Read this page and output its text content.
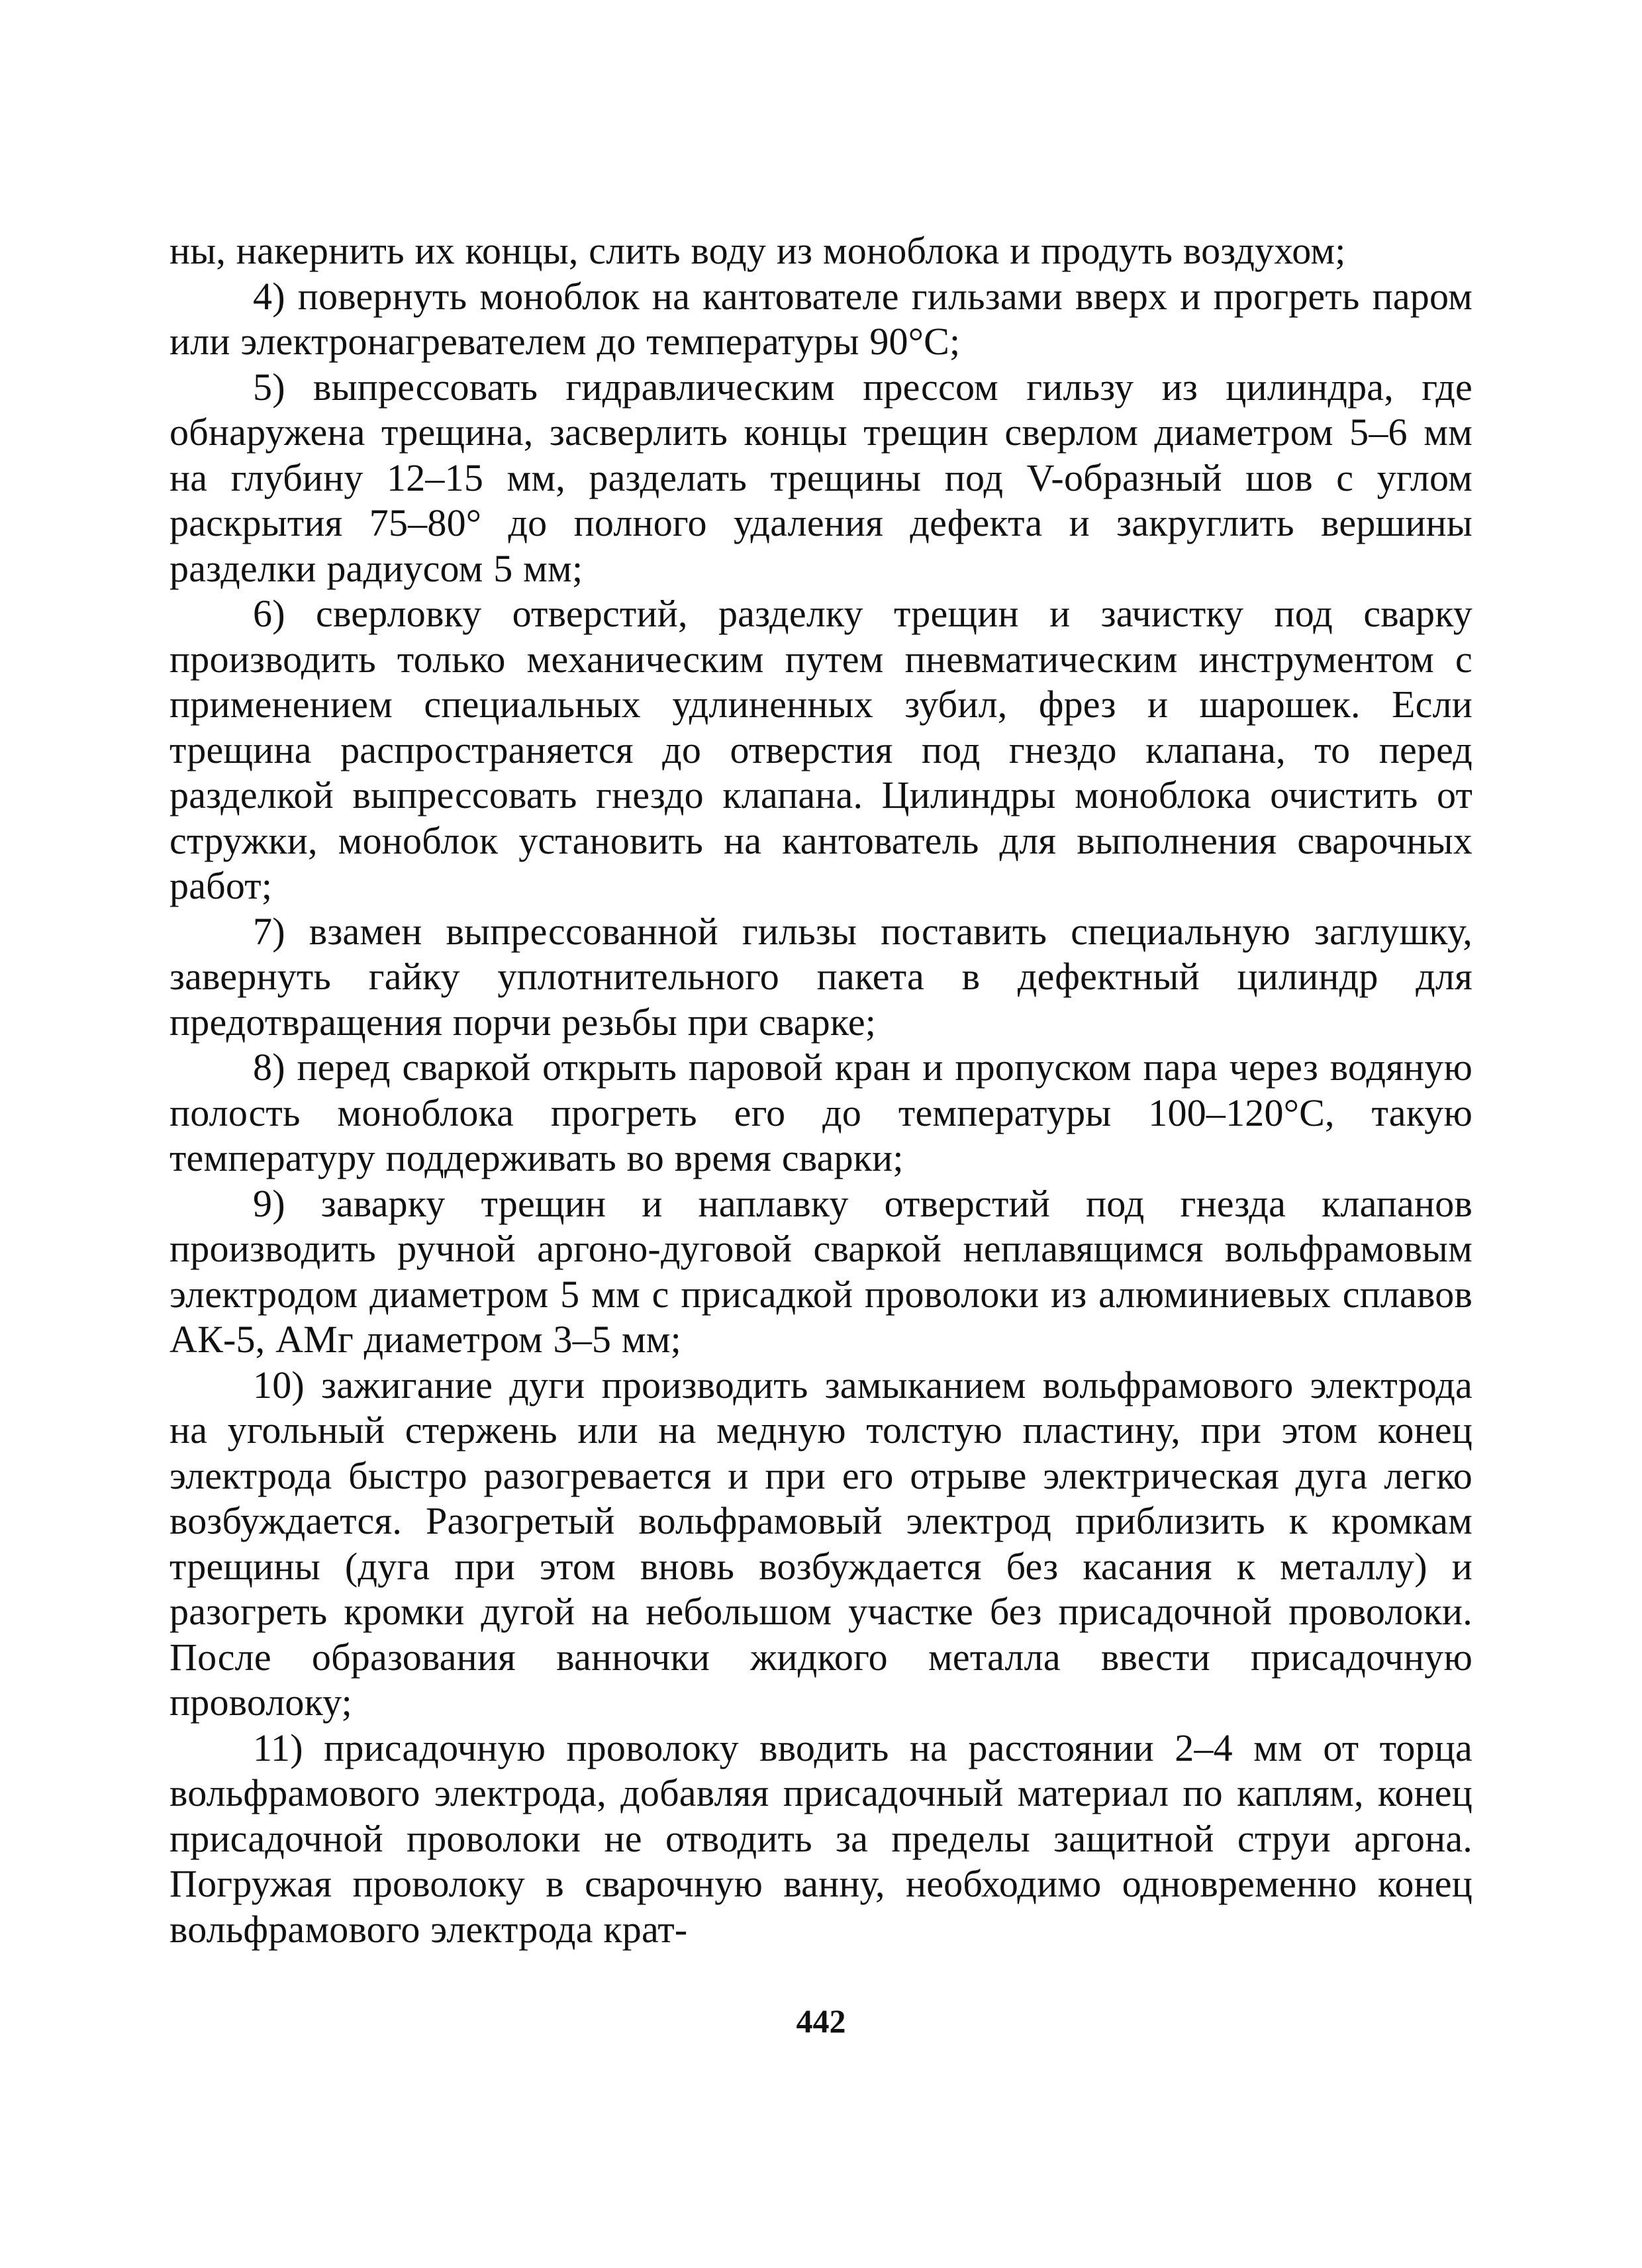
ны, накернить их концы, слить воду из моноблока и продуть воздухом;

4) повернуть моноблок на кантователе гильзами вверх и прогреть паром или электронагревателем до температуры 90°С;

5) выпрессовать гидравлическим прессом гильзу из цилиндра, где обнаружена трещина, засверлить концы трещин сверлом диаметром 5–6 мм на глубину 12–15 мм, разделать трещины под V-образный шов с углом раскрытия 75–80° до полного удаления дефекта и закруглить вершины разделки радиусом 5 мм;

6) сверловку отверстий, разделку трещин и зачистку под сварку производить только механическим путем пневматическим инструментом с применением специальных удлиненных зубил, фрез и шарошек. Если трещина распространяется до отверстия под гнездо клапана, то перед разделкой выпрессовать гнездо клапана. Цилиндры моноблока очистить от стружки, моноблок установить на кантователь для выполнения сварочных работ;

7) взамен выпрессованной гильзы поставить специальную заглушку, завернуть гайку уплотнительного пакета в дефектный цилиндр для предотвращения порчи резьбы при сварке;

8) перед сваркой открыть паровой кран и пропуском пара через водяную полость моноблока прогреть его до температуры 100–120°С, такую температуру поддерживать во время сварки;

9) заварку трещин и наплавку отверстий под гнезда клапанов производить ручной аргоно-дуговой сваркой неплавящимся вольфрамовым электродом диаметром 5 мм с присадкой проволоки из алюминиевых сплавов АК-5, АМг диаметром 3–5 мм;

10) зажигание дуги производить замыканием вольфрамового электрода на угольный стержень или на медную толстую пластину, при этом конец электрода быстро разогревается и при его отрыве электрическая дуга легко возбуждается. Разогретый вольфрамовый электрод приблизить к кромкам трещины (дуга при этом вновь возбуждается без касания к металлу) и разогреть кромки дугой на небольшом участке без присадочной проволоки. После образования ванночки жидкого металла ввести присадочную проволоку;

11) присадочную проволоку вводить на расстоянии 2–4 мм от торца вольфрамового электрода, добавляя присадочный материал по каплям, конец присадочной проволоки не отводить за пределы защитной струи аргона. Погружая проволоку в сварочную ванну, необходимо одновременно конец вольфрамового электрода крат-

442
